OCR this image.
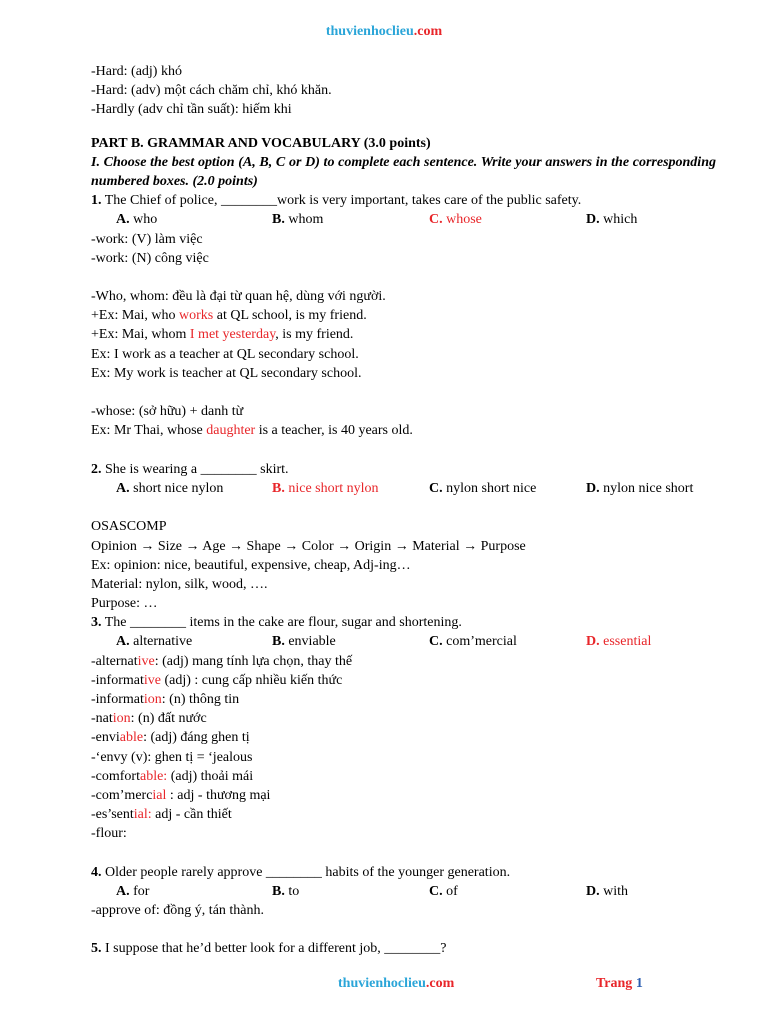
thuvienhoclieu.com
-Hard: (adj) khó
-Hard: (adv) một cách chăm chỉ, khó khăn.
-Hardly (adv chỉ tần suất): hiếm khi
PART B. GRAMMAR AND VOCABULARY (3.0 points)
I. Choose the best option (A, B, C or D) to complete each sentence. Write your answers in the corresponding numbered boxes. (2.0 points)
1. The Chief of police, ________work is very important, takes care of the public safety.
A. who	B. whom	C. whose	D. which
-work: (V) làm việc
-work: (N) công việc
-Who, whom: đều là đại từ quan hệ, dùng với người.
+Ex: Mai, who works at QL school, is my friend.
+Ex: Mai, whom I met yesterday, is my friend.
Ex: I work as a teacher at QL secondary school.
Ex: My work is teacher at QL secondary school.
-whose: (sở hữu) + danh từ
Ex: Mr Thai, whose daughter is a teacher, is 40 years old.
2. She is wearing a ________ skirt.
A. short nice nylon	B. nice short nylon	C. nylon short nice	D. nylon nice short
OSASCOMP
Opinion → Size → Age → Shape → Color → Origin → Material → Purpose
Ex: opinion: nice, beautiful, expensive, cheap, Adj-ing…
Material: nylon, silk, wood, ….
Purpose: …
3. The ________ items in the cake are flour, sugar and shortening.
A. alternative	B. enviable	C. com’mercial	D. essential
-alternative: (adj) mang tính lựa chọn, thay thế
-informative (adj) : cung cấp nhiều kiến thức
-information: (n) thông tin
-nation: (n) đất nước
-enviable: (adj) đáng ghen tị
-‘envy (v): ghen tị = ‘jealous
-comfortable: (adj) thoải mái
-com’mercial : adj - thương mại
-es’sential: adj - cần thiết
-flour:
4. Older people rarely approve ________ habits of the younger generation.
A. for	B. to	C. of	D. with
-approve of: đồng ý, tán thành.
5. I suppose that he’d better look for a different job, ________?
thuvienhoclieu.com	Trang 1
